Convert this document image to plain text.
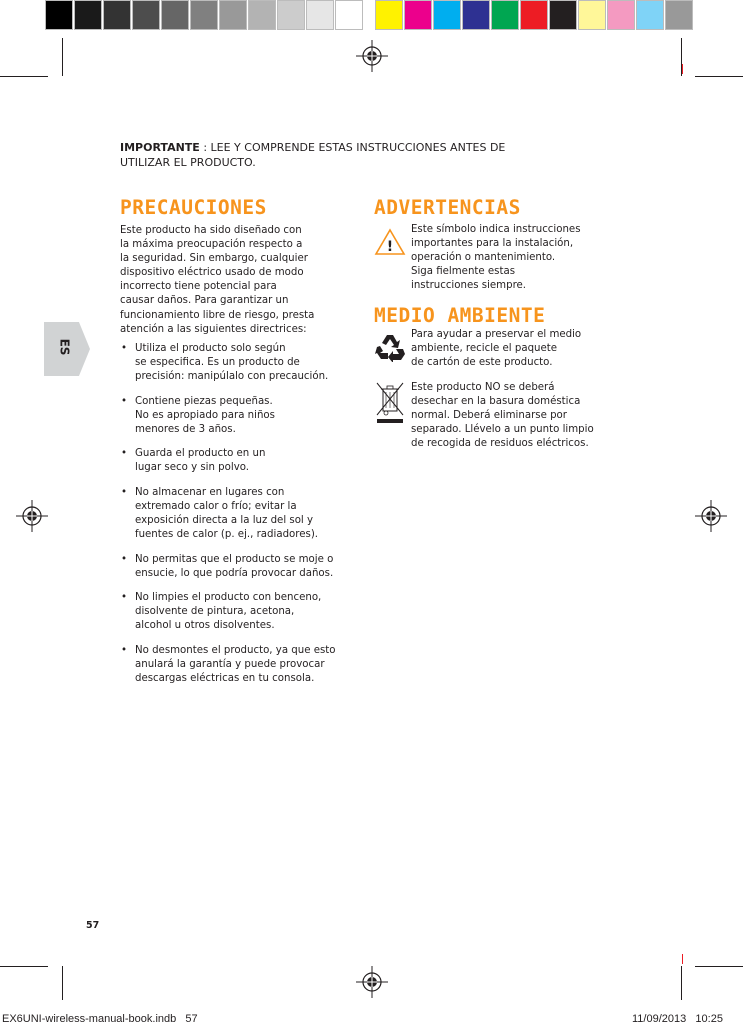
ES
IMPORTANTE : LEE Y COMPRENDE ESTAS INSTRUCCIONES ANTES DE
UTILIZAR EL PRODUCTO.
PRECAUCIONES
Este producto ha sido diseñado con
la máxima preocupación respecto a
la seguridad. Sin embargo, cualquier
dispositivo eléctrico usado de modo
incorrecto tiene potencial para
causar daños. Para garantizar un
funcionamiento libre de riesgo, presta
atención a las siguientes directrices:
• Utiliza el producto solo según
se especifica. Es un producto de
precisión: manipúlalo con precaución.
• Contiene piezas pequeñas.
No es apropiado para niños
menores de 3 años.
• Guarda el producto en un
lugar seco y sin polvo.
• No almacenar en lugares con
extremado calor o frío; evitar la
exposición directa a la luz del sol y
fuentes de calor (p. ej., radiadores).
• No permitas que el producto se moje o
ensucie, lo que podría provocar daños.
• No limpies el producto con benceno,
disolvente de pintura, acetona,
alcohol u otros disolventes.
• No desmontes el producto, ya que esto
anulará la garantía y puede provocar
descargas eléctricas en tu consola.
ADVERTENCIAS
!
Este símbolo indica instrucciones
importantes para la instalación,
operación o mantenimiento.
Siga fielmente estas
instrucciones siempre.
MEDIO AMBIENTE
Para ayudar a preservar el medio
ambiente, recicle el paquete
de cartón de este producto.
Este producto NO se deberá
desechar en la basura doméstica
normal. Deberá eliminarse por
separado. Llévelo a un punto limpio
de recogida de residuos eléctricos.
57
EX6UNI-wireless-manual-book.indb   57	11/09/2013   10:25
